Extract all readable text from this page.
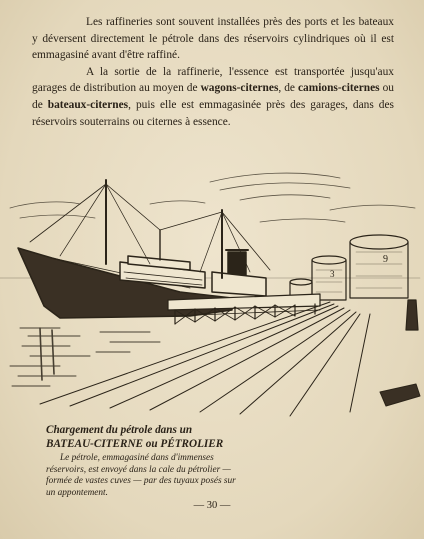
Les raffineries sont souvent installées près des ports et les bateaux y déversent directement le pétrole dans des réservoirs cylindriques où il est emmagasiné avant d'être raffiné.

A la sortie de la raffinerie, l'essence est transportée jusqu'aux garages de distribution au moyen de wagons-citernes, de camions-citernes ou de bateaux-citernes, puis elle est emmagasinée près des garages, dans des réservoirs souterrains ou citernes à essence.

3
9

Chargement du pétrole dans un
BATEAU-CITERNE ou PÉTROLIER

Le pétrole, emmagasiné dans d'immenses réservoirs, est envoyé dans la cale du pétrolier — formée de vastes cuves — par des tuyaux posés sur un appontement.

— 30 —
